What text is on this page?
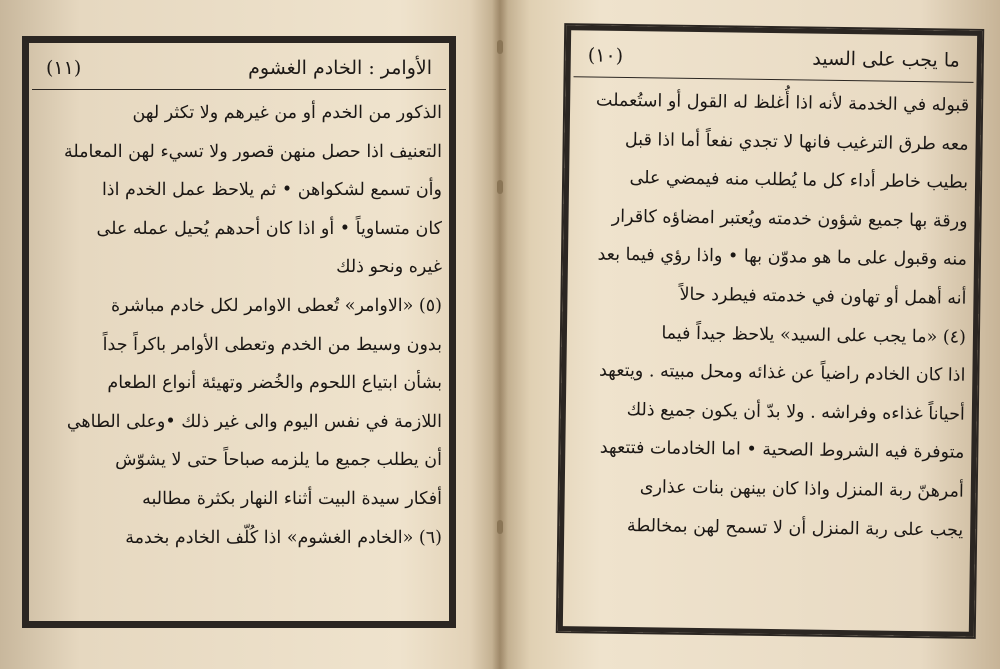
الأوامر : الخادم الغشوم
(١١)
الذكور من الخدم أو من غيرهم ولا تكثر لهن
التعنيف اذا حصل منهن قصور ولا تسيء لهن المعاملة
وأن تسمع لشكواهن • ثم يلاحظ عمل الخدم اذا
كان متساوياً • أو اذا كان أحدهم يُحيل عمله على
غيره ونحو ذلك
(٥) «الاوامر» تُعطى الاوامر لكل خادم مباشرة
بدون وسيط من الخدم وتعطى الأوامر باكراً جداً
بشأن ابتياع اللحوم والخُضر وتهيئة أنواع الطعام
اللازمة في نفس اليوم والى غير ذلك •وعلى الطاهي
أن يطلب جميع ما يلزمه صباحاً حتى لا يشوّش
أفكار سيدة البيت أثناء النهار بكثرة مطالبه
(٦) «الخادم الغشوم» اذا كُلّف الخادم بخدمة
ما يجب على السيد
(١٠)
قبوله في الخدمة لأنه اذا أُغلظ له القول أو استُعملت
معه طرق الترغيب فانها لا تجدي نفعاً أما اذا قبل
بطيب خاطر أداء كل ما يُطلب منه فيمضي على
ورقة بها جميع شؤون خدمته ويُعتبر امضاؤه كاقرار
منه وقبول على ما هو مدوّن بها • واذا رؤي فيما بعد
أنه أهمل أو تهاون في خدمته فيطرد حالاً
(٤) «ما يجب على السيد» يلاحظ جيداً فيما
اذا كان الخادم راضياً عن غذائه ومحل مبيته . ويتعهد
أحياناً غذاءه وفراشه . ولا بدّ أن يكون جميع ذلك
متوفرة فيه الشروط الصحية • اما الخادمات فتتعهد
أمرهنّ ربة المنزل واذا كان بينهن بنات عذارى
يجب على ربة المنزل أن لا تسمح لهن بمخالطة
